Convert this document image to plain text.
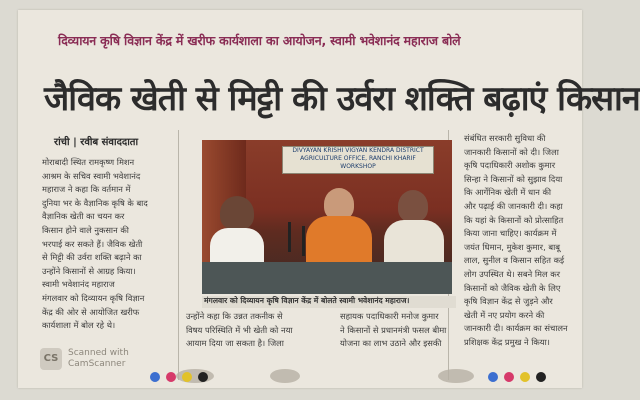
दिव्यायन कृषि विज्ञान केंद्र में खरीफ कार्यशाला का आयोजन, स्वामी भवेशानंद महाराज बोले
जैविक खेती से मिट्टी की उर्वरा शक्ति बढ़ाएं किसान
रांची | रवीब संवाददाता
मोराबादी स्थित रामकृष्ण मिशन
आश्रम के सचिव स्वामी भवेशानंद
महाराज ने कहा कि वर्तमान में
दुनिया भर के वैज्ञानिक कृषि के बाद
वैज्ञानिक खेती का चयन कर
किसान होने वाले नुकसान की
भरपाई कर सकते हैं। जैविक खेती
से मिट्टी की उर्वरा शक्ति बढ़ाने का
उन्होंने किसानों से आग्रह किया।
स्वामी भवेशानंद महाराज
मंगलवार को दिव्यायन कृषि विज्ञान
केंद्र की ओर से आयोजित खरीफ
कार्यशाला में बोल रहे थे।
DIVYAYAN KRISHI VIGYAN KENDRA DISTRICT AGRICULTURE OFFICE, RANCHI KHARIF WORKSHOP
मंगलवार को दिव्यायन कृषि विज्ञान केंद्र में बोलते स्वामी भवेशानंद महाराज।
उन्होंने कहा कि उन्नत तकनीक से
विषय परिस्थिति में भी खेती को नया
आयाम दिया जा सकता है। जिला
सहायक पदाधिकारी मनोज कुमार
ने किसानों से प्रधानमंत्री फसल बीमा
योजना का लाभ उठाने और इसकी
संबंधित सरकारी सुविधा की
जानकारी किसानों को दी। जिला
कृषि पदाधिकारी अशोक कुमार
सिन्हा ने किसानों को सुझाव दिया
कि आर्गेनिक खेती में धान की
और पढ़ाई की जानकारी दी। कहा
कि यहां के किसानों को प्रोत्साहित
किया जाना चाहिए। कार्यक्रम में
जयंत धिमान, मुकेश कुमार, बाबू
लाल, सुनील व किसान सहित कई
लोग उपस्थित थे। सबने मिल कर
किसानों को जैविक खेती के लिए
कृषि विज्ञान केंद्र से जुड़ने और
खेती में नए प्रयोग करने की
जानकारी दी। कार्यक्रम का संचालन
प्रशिक्षक केंद्र प्रमुख ने किया।
CS	Scanned with
CamScanner
